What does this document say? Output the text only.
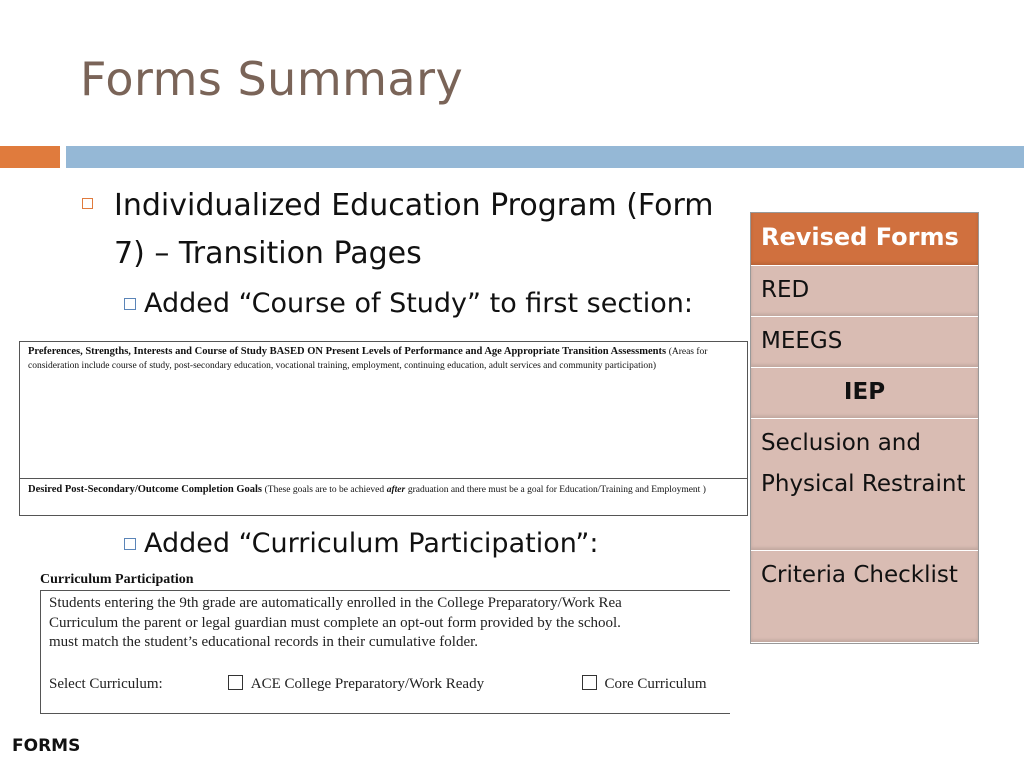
Forms Summary
Individualized Education Program (Form 7) – Transition Pages
Added “Course of Study” to first section:
Preferences, Strengths, Interests and Course of Study BASED ON Present Levels of Performance and Age Appropriate Transition Assessments (Areas for consideration include course of study, post-secondary education, vocational training, employment, continuing education, adult services and community participation)
Desired Post-Secondary/Outcome Completion Goals (These goals are to be achieved after graduation and there must be a goal for Education/Training and Employment )
Added “Curriculum Participation”:
Curriculum Participation
Students entering the 9th grade are automatically enrolled in the College Preparatory/Work Rea
Curriculum the parent or legal guardian must complete an opt-out form provided by the school.
must match the student’s educational records in their cumulative folder.
Select Curriculum:	ACE College Preparatory/Work Ready	Core Curriculum
Revised Forms
RED
MEEGS
IEP
Seclusion and Physical Restraint
Criteria Checklist
FORMS
